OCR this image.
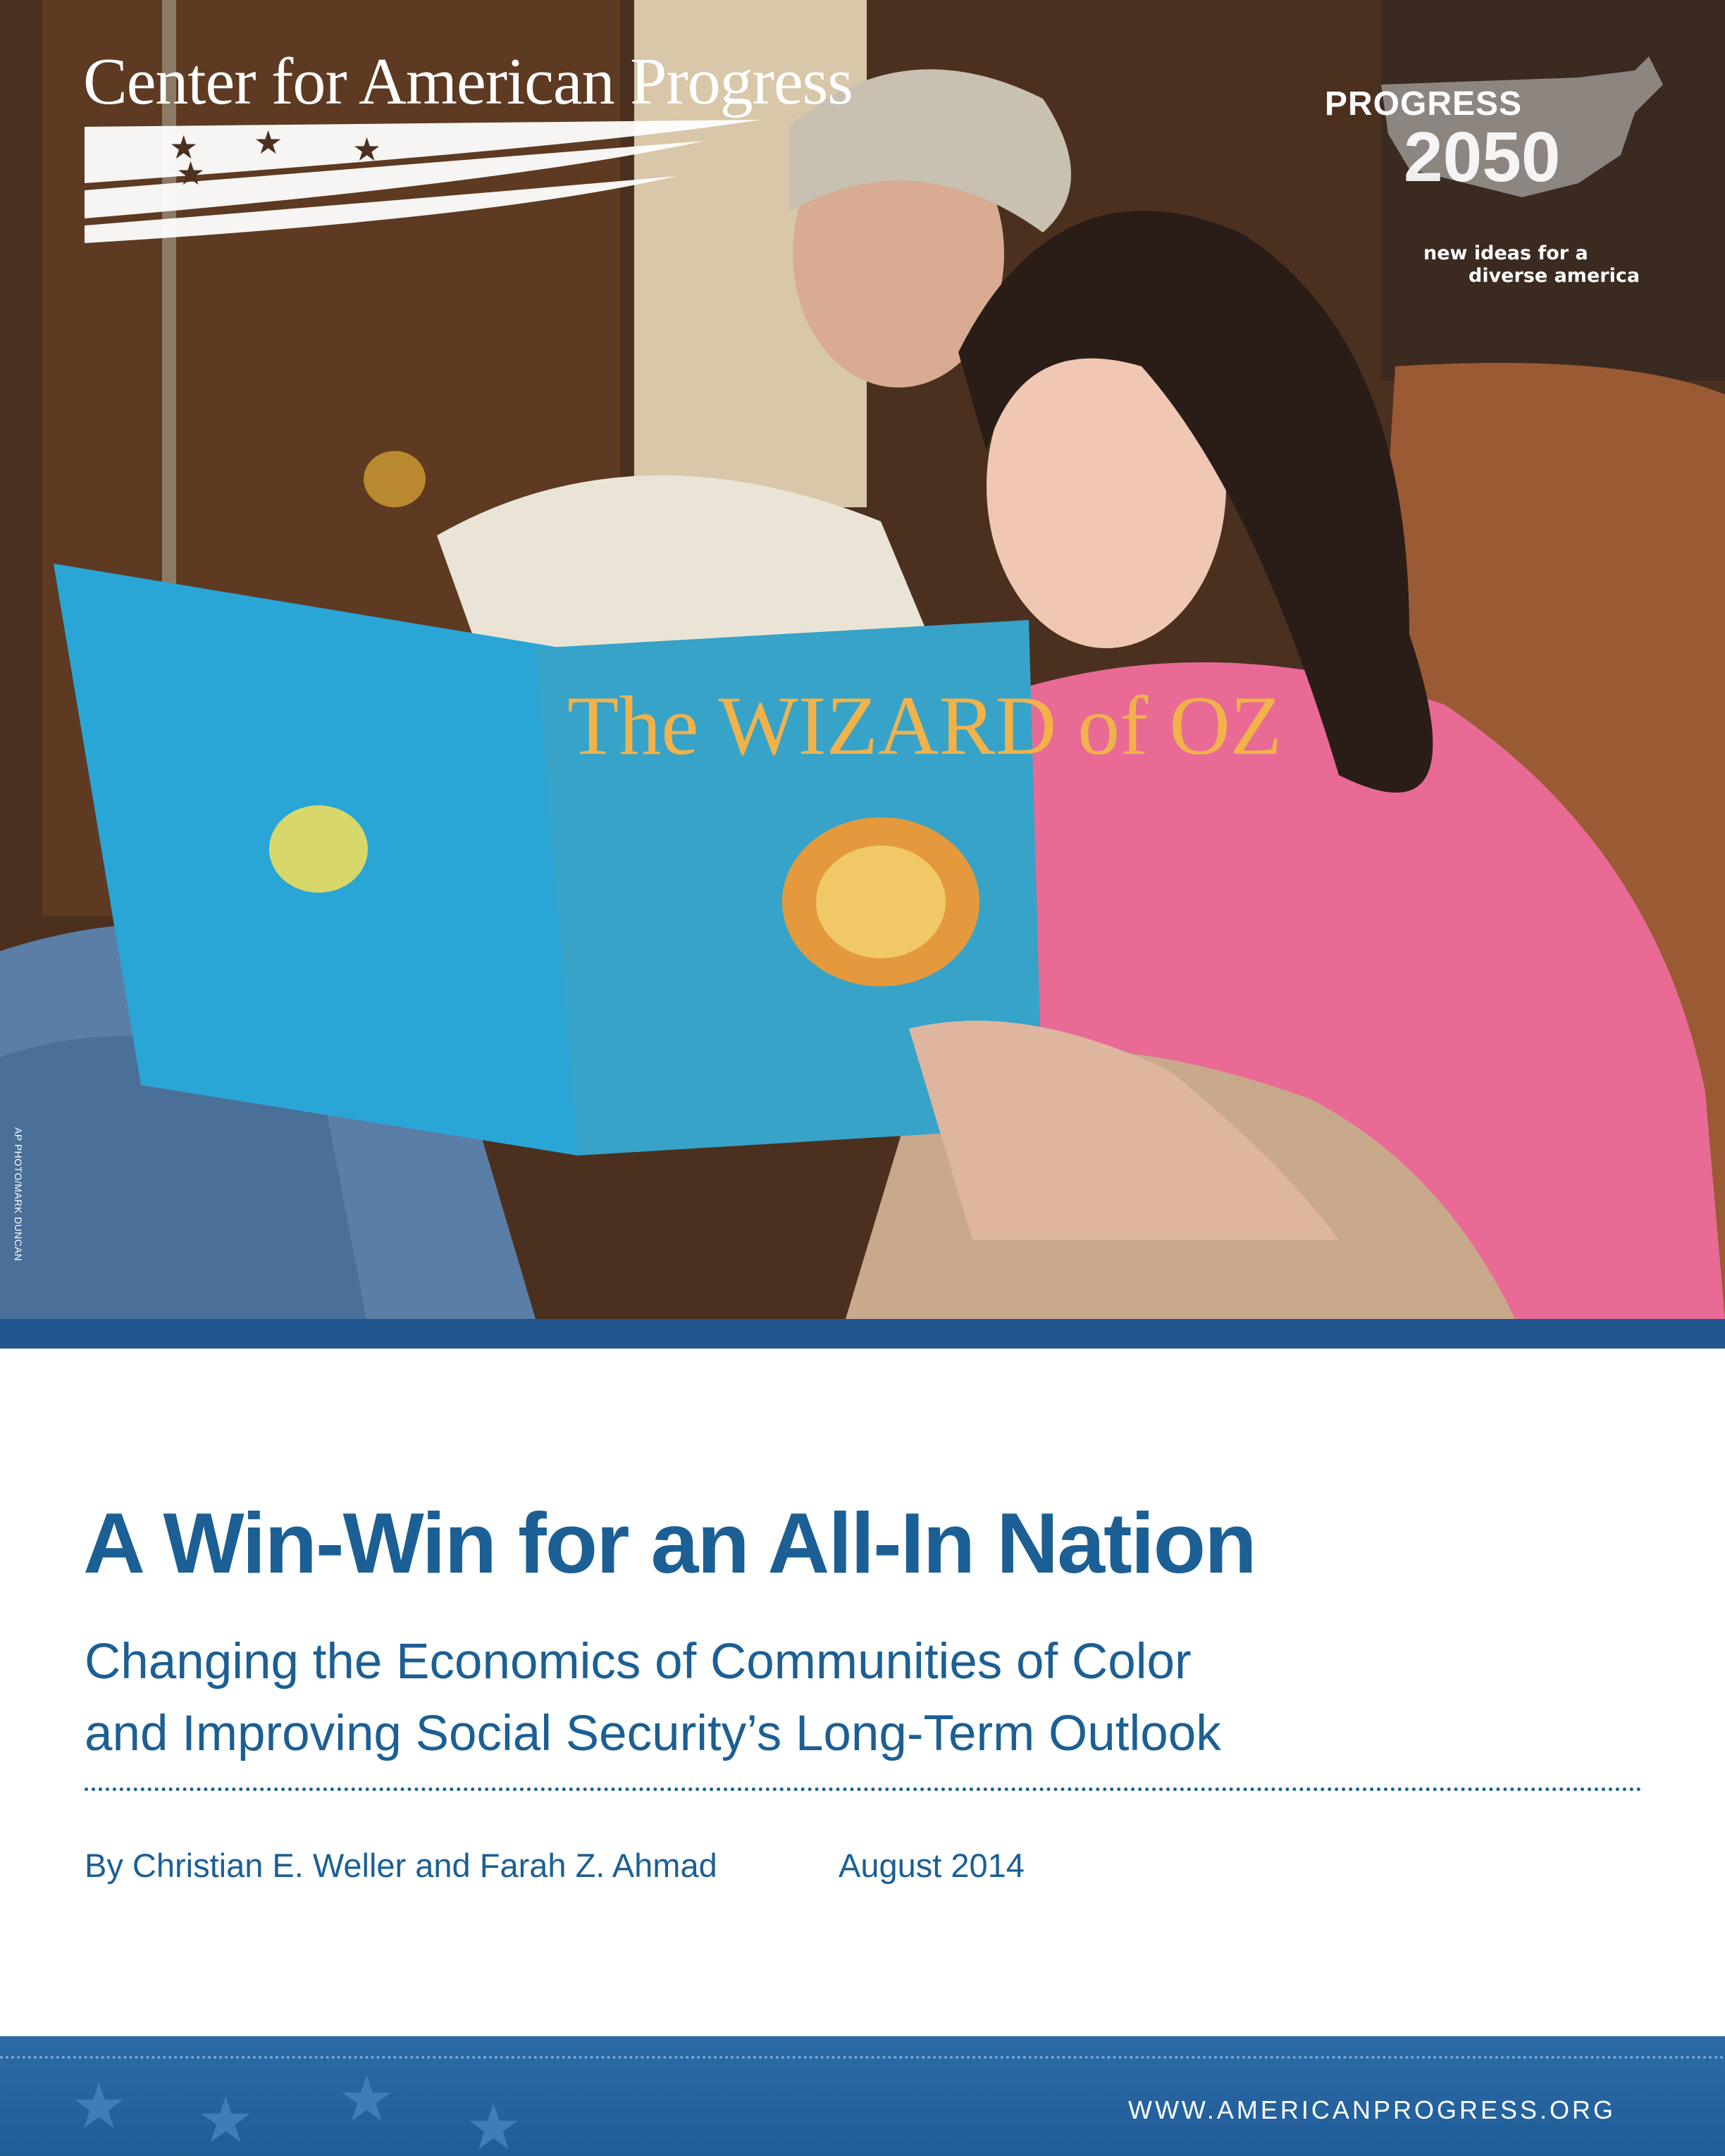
Center for American Progress
★ ★ ★
★
PROGRESS
2050
new ideas for a
diverse america
AP PHOTO/MARK DUNCAN
The WIZARD of OZ
A Win-Win for an All-In Nation
Changing the Economics of Communities of Color
and Improving Social Security’s Long-Term Outlook
By Christian E. Weller and Farah Z. Ahmad	August 2014
★ ★ ★ ★	WWW.AMERICANPROGRESS.ORG
